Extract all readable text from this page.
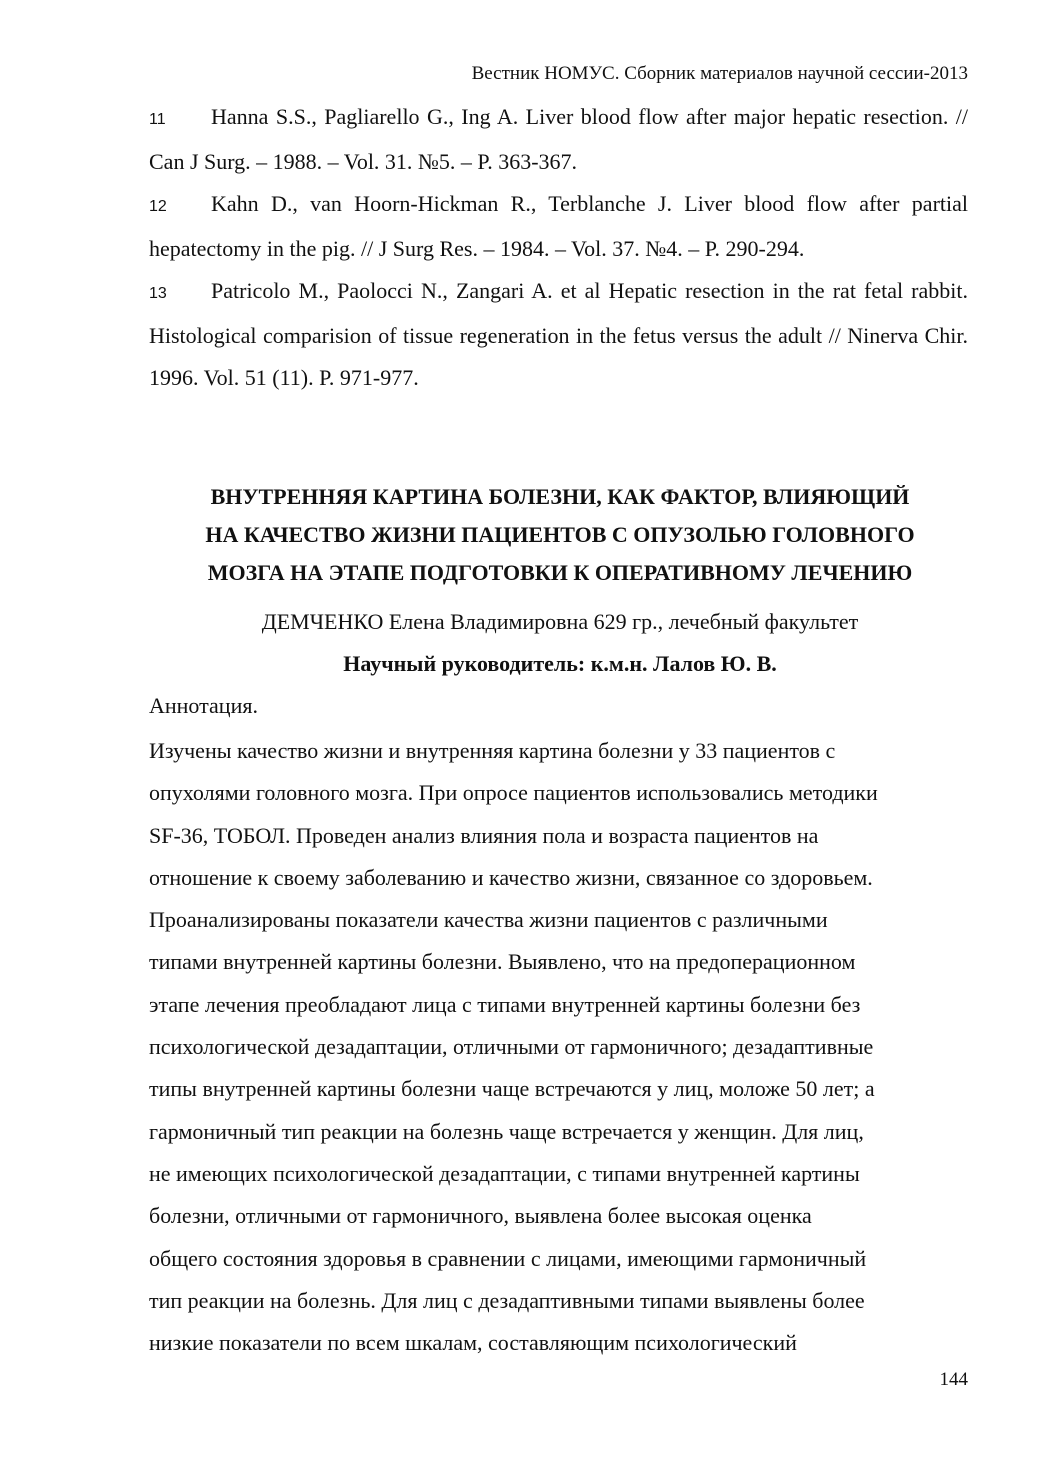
Вестник НОМУС. Сборник материалов научной сессии-2013

11 Hanna S.S., Pagliarello G., Ing A. Liver blood flow after major hepatic resection. // Can J Surg. – 1988. – Vol. 31. №5. – P. 363-367.

12 Kahn D., van Hoorn-Hickman R., Terblanche J. Liver blood flow after partial hepatectomy in the pig. // J Surg Res. – 1984. – Vol. 37. №4. – P. 290-294.

13 Patricolo M., Paolocci N., Zangari A. et al Hepatic resection in the rat fetal rabbit. Histological comparision of tissue regeneration in the fetus versus the adult // Ninerva Chir. 1996. Vol. 51 (11). P. 971-977.

ВНУТРЕННЯЯ КАРТИНА БОЛЕЗНИ, КАК ФАКТОР, ВЛИЯЮЩИЙ
НА КАЧЕСТВО ЖИЗНИ ПАЦИЕНТОВ С ОПУЗОЛЬЮ ГОЛОВНОГО
МОЗГА НА ЭТАПЕ ПОДГОТОВКИ К ОПЕРАТИВНОМУ ЛЕЧЕНИЮ
ДЕМЧЕНКО Елена Владимировна 629 гр., лечебный факультет
Научный руководитель: к.м.н. Лалов Ю. В.
Аннотация.
Изучены качество жизни и внутренняя картина болезни у 33 пациентов с
опухолями головного мозга. При опросе пациентов использовались методики
SF-36, ТОБОЛ. Проведен анализ влияния пола и возраста пациентов на
отношение к своему заболеванию и качество жизни, связанное со здоровьем.
Проанализированы показатели качества жизни пациентов с различными
типами внутренней картины болезни. Выявлено, что на предоперационном
этапе лечения преобладают лица с типами внутренней картины болезни без
психологической дезадаптации, отличными от гармоничного; дезадаптивные
типы внутренней картины болезни чаще встречаются у лиц, моложе 50 лет; а
гармоничный тип реакции на болезнь чаще встречается у женщин. Для лиц,
не имеющих психологической дезадаптации, с типами внутренней картины
болезни, отличными от гармоничного, выявлена более высокая оценка
общего состояния здоровья в сравнении с лицами, имеющими гармоничный
тип реакции на болезнь. Для лиц с дезадаптивными типами выявлены более
низкие показатели по всем шкалам, составляющим психологический
144
